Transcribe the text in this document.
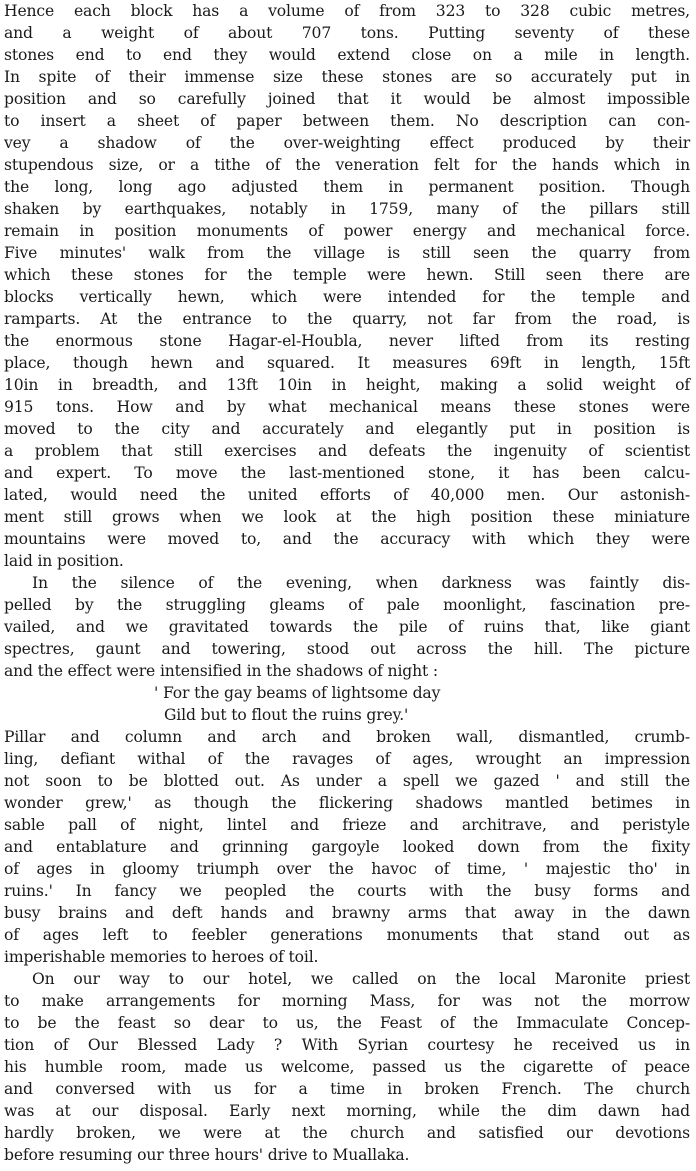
Hence each block has a volume of from 323 to 328 cubic metres,
and a weight of about 707 tons. Putting seventy of these
stones end to end they would extend close on a mile in length.
In spite of their immense size these stones are so accurately put in
position and so carefully joined that it would be almost impossible
to insert a sheet of paper between them. No description can con-
vey a shadow of the over-weighting effect produced by their
stupendous size, or a tithe of the veneration felt for the hands which in
the long, long ago adjusted them in permanent position. Though
shaken by earthquakes, notably in 1759, many of the pillars still
remain in position monuments of power energy and mechanical force.
Five minutes' walk from the village is still seen the quarry from
which these stones for the temple were hewn. Still seen there are
blocks vertically hewn, which were intended for the temple and
ramparts. At the entrance to the quarry, not far from the road, is
the enormous stone Hagar-el-Houbla, never lifted from its resting
place, though hewn and squared. It measures 69ft in length, 15ft
10in in breadth, and 13ft 10in in height, making a solid weight of
915 tons. How and by what mechanical means these stones were
moved to the city and accurately and elegantly put in position is
a problem that still exercises and defeats the ingenuity of scientist
and expert. To move the last-mentioned stone, it has been calcu-
lated, would need the united efforts of 40,000 men. Our astonish-
ment still grows when we look at the high position these miniature
mountains were moved to, and the accuracy with which they were
laid in position.
In the silence of the evening, when darkness was faintly dis-
pelled by the struggling gleams of pale moonlight, fascination pre-
vailed, and we gravitated towards the pile of ruins that, like giant
spectres, gaunt and towering, stood out across the hill. The picture
and the effect were intensified in the shadows of night :
' For the gay beams of lightsome day
Gild but to flout the ruins grey.'
Pillar and column and arch and broken wall, dismantled, crumb-
ling, defiant withal of the ravages of ages, wrought an impression
not soon to be blotted out. As under a spell we gazed ' and still the
wonder grew,' as though the flickering shadows mantled betimes in
sable pall of night, lintel and frieze and architrave, and peristyle
and entablature and grinning gargoyle looked down from the fixity
of ages in gloomy triumph over the havoc of time, ' majestic tho' in
ruins.' In fancy we peopled the courts with the busy forms and
busy brains and deft hands and brawny arms that away in the dawn
of ages left to feebler generations monuments that stand out as
imperishable memories to heroes of toil.
On our way to our hotel, we called on the local Maronite priest
to make arrangements for morning Mass, for was not the morrow
to be the feast so dear to us, the Feast of the Immaculate Concep-
tion of Our Blessed Lady ? With Syrian courtesy he received us in
his humble room, made us welcome, passed us the cigarette of peace
and conversed with us for a time in broken French. The church
was at our disposal. Early next morning, while the dim dawn had
hardly broken, we were at the church and satisfied our devotions
before resuming our three hours' drive to Muallaka.
